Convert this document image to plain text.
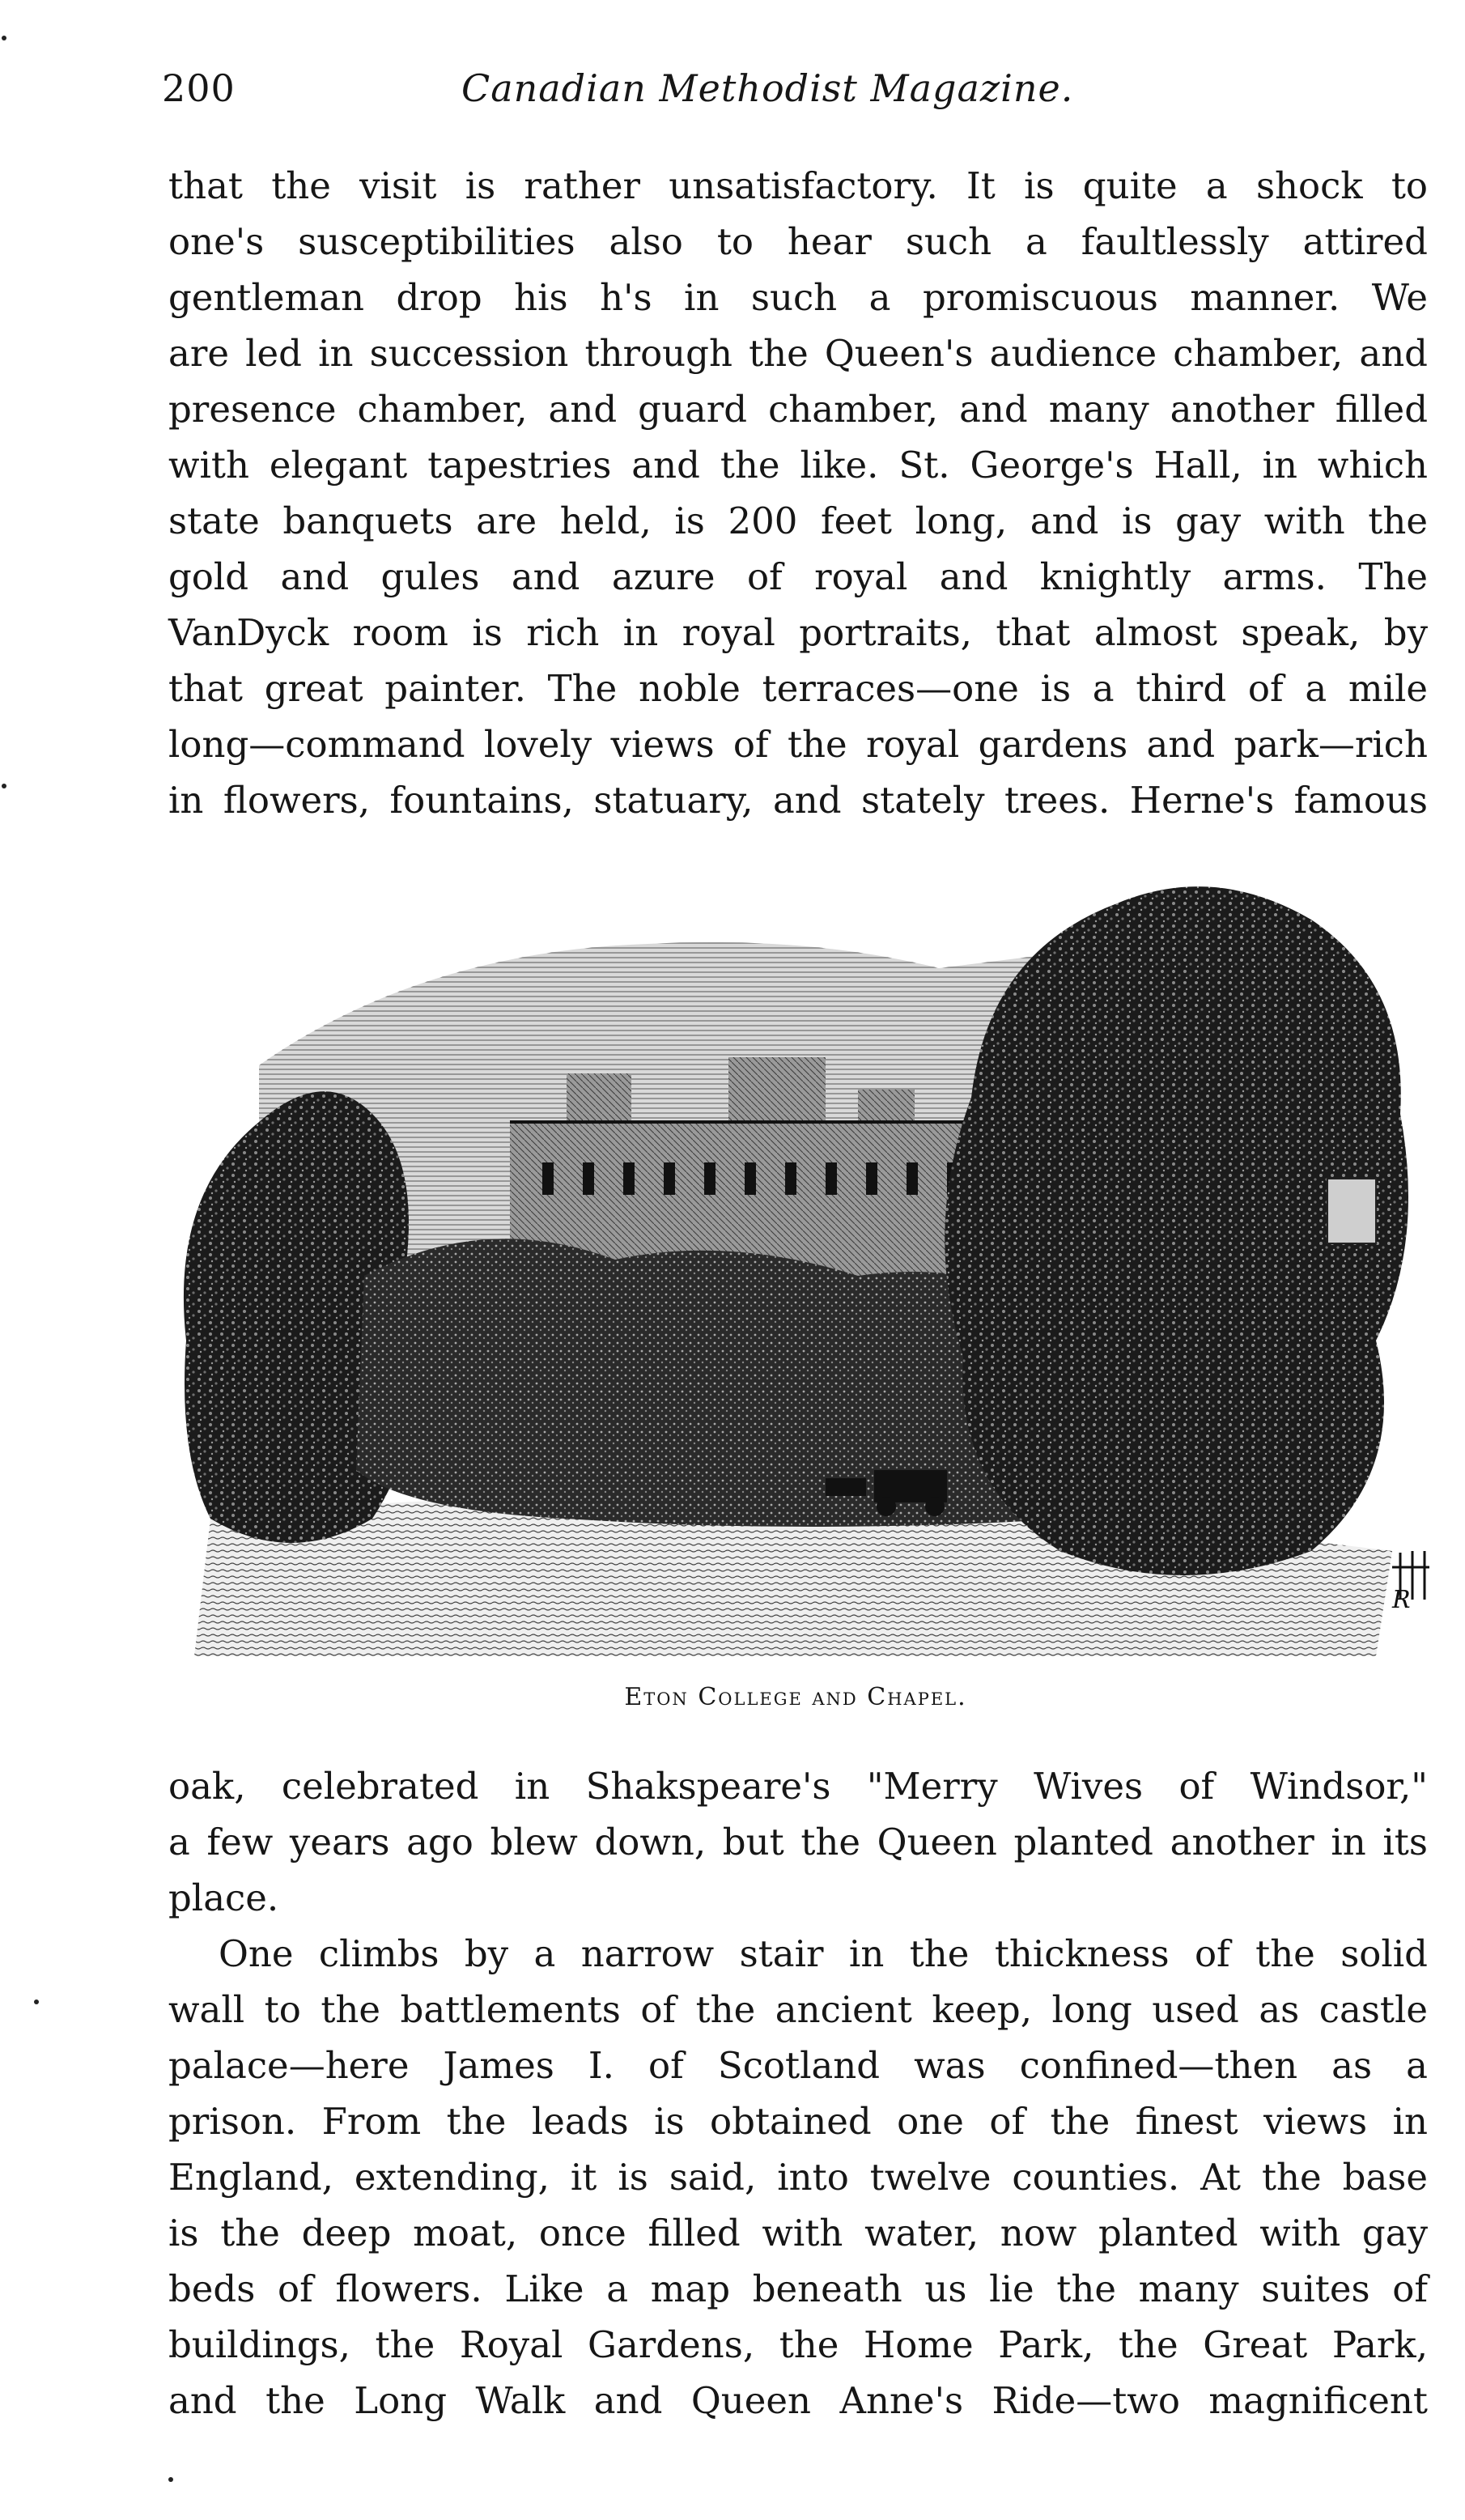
200	Canadian Methodist Magazine.
that the visit is rather unsatisfactory. It is quite a shock to
one's susceptibilities also to hear such a faultlessly attired
gentleman drop his h's in such a promiscuous manner. We
are led in succession through the Queen's audience chamber, and
presence chamber, and guard chamber, and many another filled
with elegant tapestries and the like. St. George's Hall, in which
state banquets are held, is 200 feet long, and is gay with the
gold and gules and azure of royal and knightly arms. The
VanDyck room is rich in royal portraits, that almost speak, by
that great painter. The noble terraces—one is a third of a mile
long—command lovely views of the royal gardens and park—rich
in flowers, fountains, statuary, and stately trees. Herne's famous
R
Eton College and Chapel.
oak, celebrated in Shakspeare's "Merry Wives of Windsor,"
a few years ago blew down, but the Queen planted another in its
place.
One climbs by a narrow stair in the thickness of the solid
wall to the battlements of the ancient keep, long used as castle
palace—here James I. of Scotland was confined—then as a
prison. From the leads is obtained one of the finest views in
England, extending, it is said, into twelve counties. At the base
is the deep moat, once filled with water, now planted with gay
beds of flowers. Like a map beneath us lie the many suites of
buildings, the Royal Gardens, the Home Park, the Great Park,
and the Long Walk and Queen Anne's Ride—two magnificent
